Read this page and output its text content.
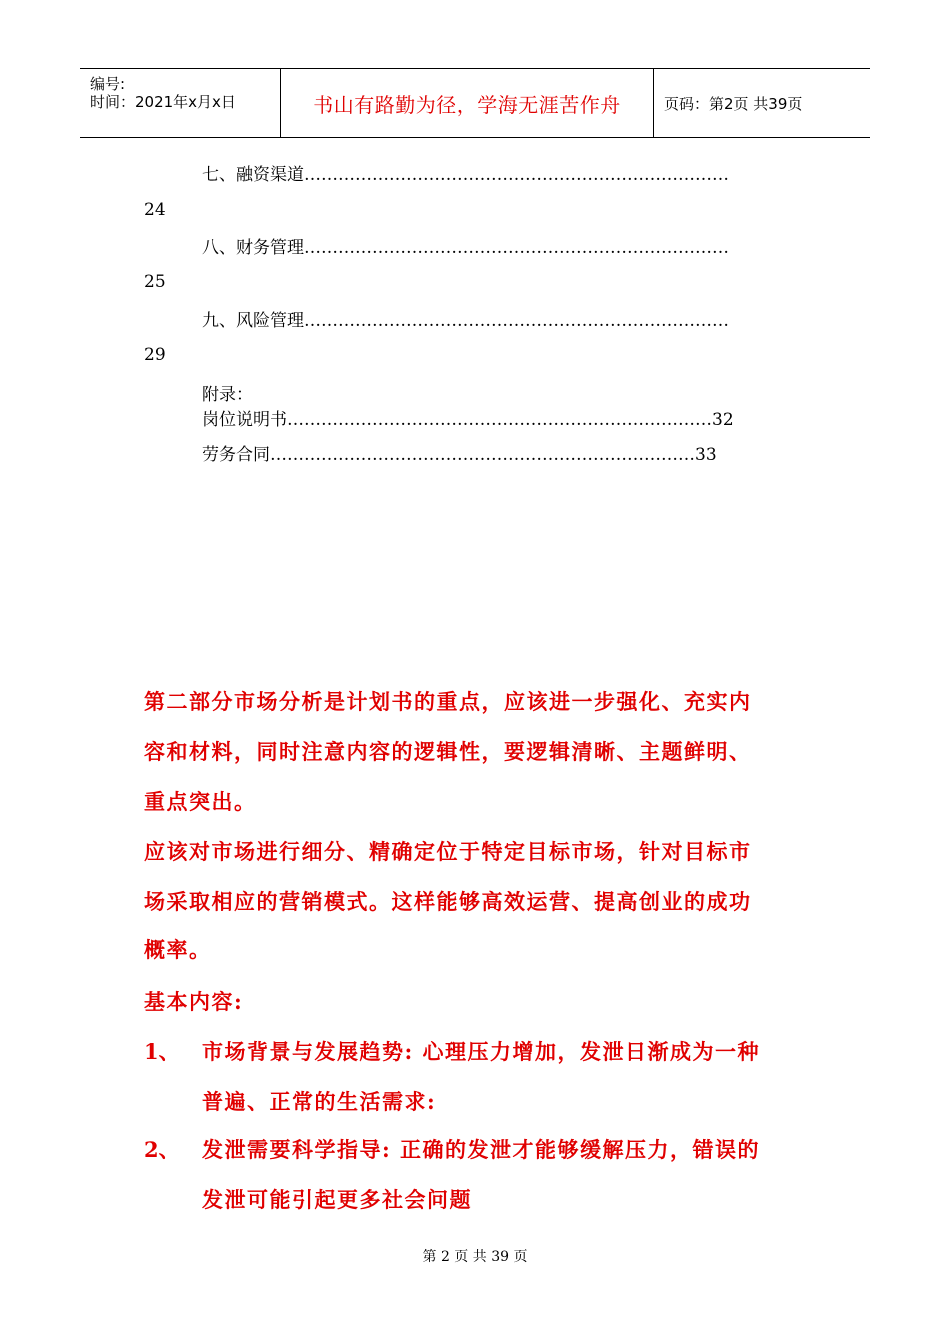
编号:
时间：2021年x月x日	书山有路勤为径，学海无涯苦作舟	页码：第2页 共39页
七、融资渠道…………………………………………………………………
24
八、财务管理…………………………………………………………………
25
九、风险管理…………………………………………………………………
29
附录：
岗位说明书…………………………………………………………………32
劳务合同…………………………………………………………………33
第二部分市场分析是计划书的重点，应该进一步强化、充实内
容和材料，同时注意内容的逻辑性，要逻辑清晰、主题鲜明、
重点突出。
应该对市场进行细分、精确定位于特定目标市场，针对目标市
场采取相应的营销模式。这样能够高效运营、提高创业的成功
概率。
基本内容:
1、 市场背景与发展趋势: 心理压力增加，发泄日渐成为一种
普遍、正常的生活需求:
2、 发泄需要科学指导: 正确的发泄才能够缓解压力，错误的
发泄可能引起更多社会问题
第 2 页 共 39 页
